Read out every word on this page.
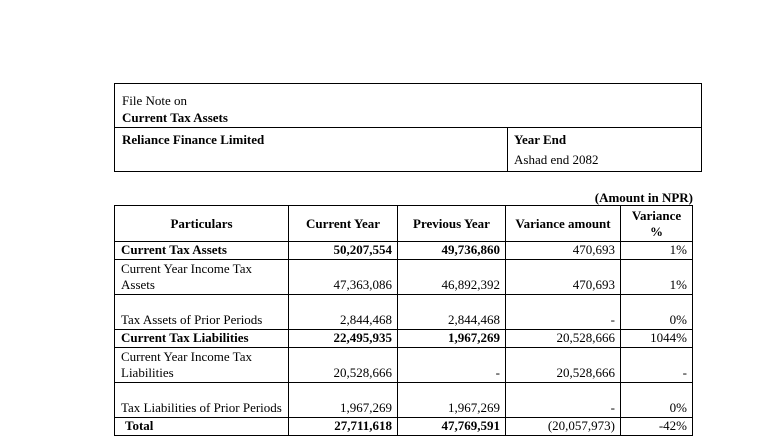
File Note on
Current Tax Assets
Reliance Finance Limited	Year End
Ashad end 2082
(Amount in NPR)
Particulars	Current Year	Previous Year	Variance amount	Variance %

Current Tax Assets	50,207,554	49,736,860	470,693	1%
Current Year Income Tax Assets	47,363,086	46,892,392	470,693	1%
Tax Assets of Prior Periods	2,844,468	2,844,468	-	0%
Current Tax Liabilities	22,495,935	1,967,269	20,528,666	1044%
Current Year Income Tax Liabilities	20,528,666	-	20,528,666	-
Tax Liabilities of Prior Periods	1,967,269	1,967,269	-	0%
Total	27,711,618	47,769,591	(20,057,973)	-42%
